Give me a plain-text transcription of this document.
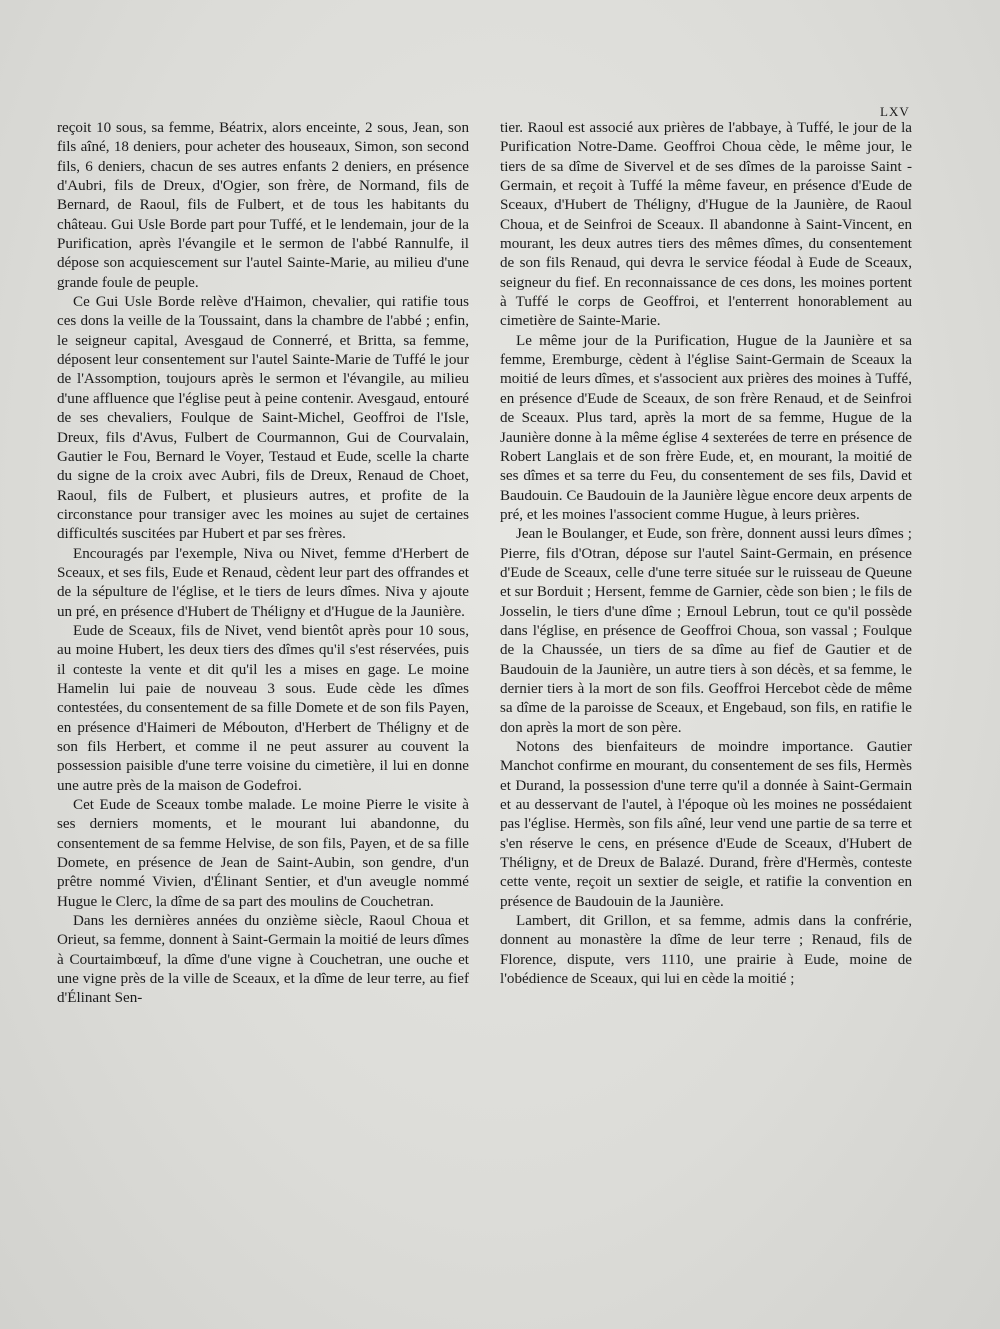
LXV

reçoit 10 sous, sa femme, Béatrix, alors enceinte, 2 sous, Jean, son fils aîné, 18 deniers, pour acheter des houseaux, Simon, son second fils, 6 deniers, chacun de ses autres enfants 2 deniers, en présence d'Aubri, fils de Dreux, d'Ogier, son frère, de Normand, fils de Bernard, de Raoul, fils de Fulbert, et de tous les habitants du château. Gui Usle Borde part pour Tuffé, et le lendemain, jour de la Purification, après l'évangile et le sermon de l'abbé Rannulfe, il dépose son acquiescement sur l'autel Sainte-Marie, au milieu d'une grande foule de peuple.

Ce Gui Usle Borde relève d'Haimon, chevalier, qui ratifie tous ces dons la veille de la Toussaint, dans la chambre de l'abbé ; enfin, le seigneur capital, Avesgaud de Connerré, et Britta, sa femme, déposent leur consentement sur l'autel Sainte-Marie de Tuffé le jour de l'Assomption, toujours après le sermon et l'évangile, au milieu d'une affluence que l'église peut à peine contenir. Avesgaud, entouré de ses chevaliers, Foulque de Saint-Michel, Geoffroi de l'Isle, Dreux, fils d'Avus, Fulbert de Courmannon, Gui de Courvalain, Gautier le Fou, Bernard le Voyer, Testaud et Eude, scelle la charte du signe de la croix avec Aubri, fils de Dreux, Renaud de Choet, Raoul, fils de Fulbert, et plusieurs autres, et profite de la circonstance pour transiger avec les moines au sujet de certaines difficultés suscitées par Hubert et par ses frères.

Encouragés par l'exemple, Niva ou Nivet, femme d'Herbert de Sceaux, et ses fils, Eude et Renaud, cèdent leur part des offrandes et de la sépulture de l'église, et le tiers de leurs dîmes. Niva y ajoute un pré, en présence d'Hubert de Théligny et d'Hugue de la Jaunière.

Eude de Sceaux, fils de Nivet, vend bientôt après pour 10 sous, au moine Hubert, les deux tiers des dîmes qu'il s'est réservées, puis il conteste la vente et dit qu'il les a mises en gage. Le moine Hamelin lui paie de nouveau 3 sous. Eude cède les dîmes contestées, du consentement de sa fille Domete et de son fils Payen, en présence d'Haimeri de Mébouton, d'Herbert de Théligny et de son fils Herbert, et comme il ne peut assurer au couvent la possession paisible d'une terre voisine du cimetière, il lui en donne une autre près de la maison de Godefroi.

Cet Eude de Sceaux tombe malade. Le moine Pierre le visite à ses derniers moments, et le mourant lui abandonne, du consentement de sa femme Helvise, de son fils, Payen, et de sa fille Domete, en présence de Jean de Saint-Aubin, son gendre, d'un prêtre nommé Vivien, d'Élinant Sentier, et d'un aveugle nommé Hugue le Clerc, la dîme de sa part des moulins de Couchetran.

Dans les dernières années du onzième siècle, Raoul Choua et Orieut, sa femme, donnent à Saint-Germain la moitié de leurs dîmes à Courtaimbœuf, la dîme d'une vigne à Couchetran, une ouche et une vigne près de la ville de Sceaux, et la dîme de leur terre, au fief d'Élinant Sen-

tier. Raoul est associé aux prières de l'abbaye, à Tuffé, le jour de la Purification Notre-Dame. Geoffroi Choua cède, le même jour, le tiers de sa dîme de Sivervel et de ses dîmes de la paroisse Saint - Germain, et reçoit à Tuffé la même faveur, en présence d'Eude de Sceaux, d'Hubert de Théligny, d'Hugue de la Jaunière, de Raoul Choua, et de Seinfroi de Sceaux. Il abandonne à Saint-Vincent, en mourant, les deux autres tiers des mêmes dîmes, du consentement de son fils Renaud, qui devra le service féodal à Eude de Sceaux, seigneur du fief. En reconnaissance de ces dons, les moines portent à Tuffé le corps de Geoffroi, et l'enterrent honorablement au cimetière de Sainte-Marie.

Le même jour de la Purification, Hugue de la Jaunière et sa femme, Eremburge, cèdent à l'église Saint-Germain de Sceaux la moitié de leurs dîmes, et s'associent aux prières des moines à Tuffé, en présence d'Eude de Sceaux, de son frère Renaud, et de Seinfroi de Sceaux. Plus tard, après la mort de sa femme, Hugue de la Jaunière donne à la même église 4 sexterées de terre en présence de Robert Langlais et de son frère Eude, et, en mourant, la moitié de ses dîmes et sa terre du Feu, du consentement de ses fils, David et Baudouin. Ce Baudouin de la Jaunière lègue encore deux arpents de pré, et les moines l'associent comme Hugue, à leurs prières.

Jean le Boulanger, et Eude, son frère, donnent aussi leurs dîmes ; Pierre, fils d'Otran, dépose sur l'autel Saint-Germain, en présence d'Eude de Sceaux, celle d'une terre située sur le ruisseau de Queune et sur Borduit ; Hersent, femme de Garnier, cède son bien ; le fils de Josselin, le tiers d'une dîme ; Ernoul Lebrun, tout ce qu'il possède dans l'église, en présence de Geoffroi Choua, son vassal ; Foulque de la Chaussée, un tiers de sa dîme au fief de Gautier et de Baudouin de la Jaunière, un autre tiers à son décès, et sa femme, le dernier tiers à la mort de son fils. Geoffroi Hercebot cède de même sa dîme de la paroisse de Sceaux, et Engebaud, son fils, en ratifie le don après la mort de son père.

Notons des bienfaiteurs de moindre importance. Gautier Manchot confirme en mourant, du consentement de ses fils, Hermès et Durand, la possession d'une terre qu'il a donnée à Saint-Germain et au desservant de l'autel, à l'époque où les moines ne possédaient pas l'église. Hermès, son fils aîné, leur vend une partie de sa terre et s'en réserve le cens, en présence d'Eude de Sceaux, d'Hubert de Théligny, et de Dreux de Balazé. Durand, frère d'Hermès, conteste cette vente, reçoit un sextier de seigle, et ratifie la convention en présence de Baudouin de la Jaunière.

Lambert, dit Grillon, et sa femme, admis dans la confrérie, donnent au monastère la dîme de leur terre ; Renaud, fils de Florence, dispute, vers 1110, une prairie à Eude, moine de l'obédience de Sceaux, qui lui en cède la moitié ;
